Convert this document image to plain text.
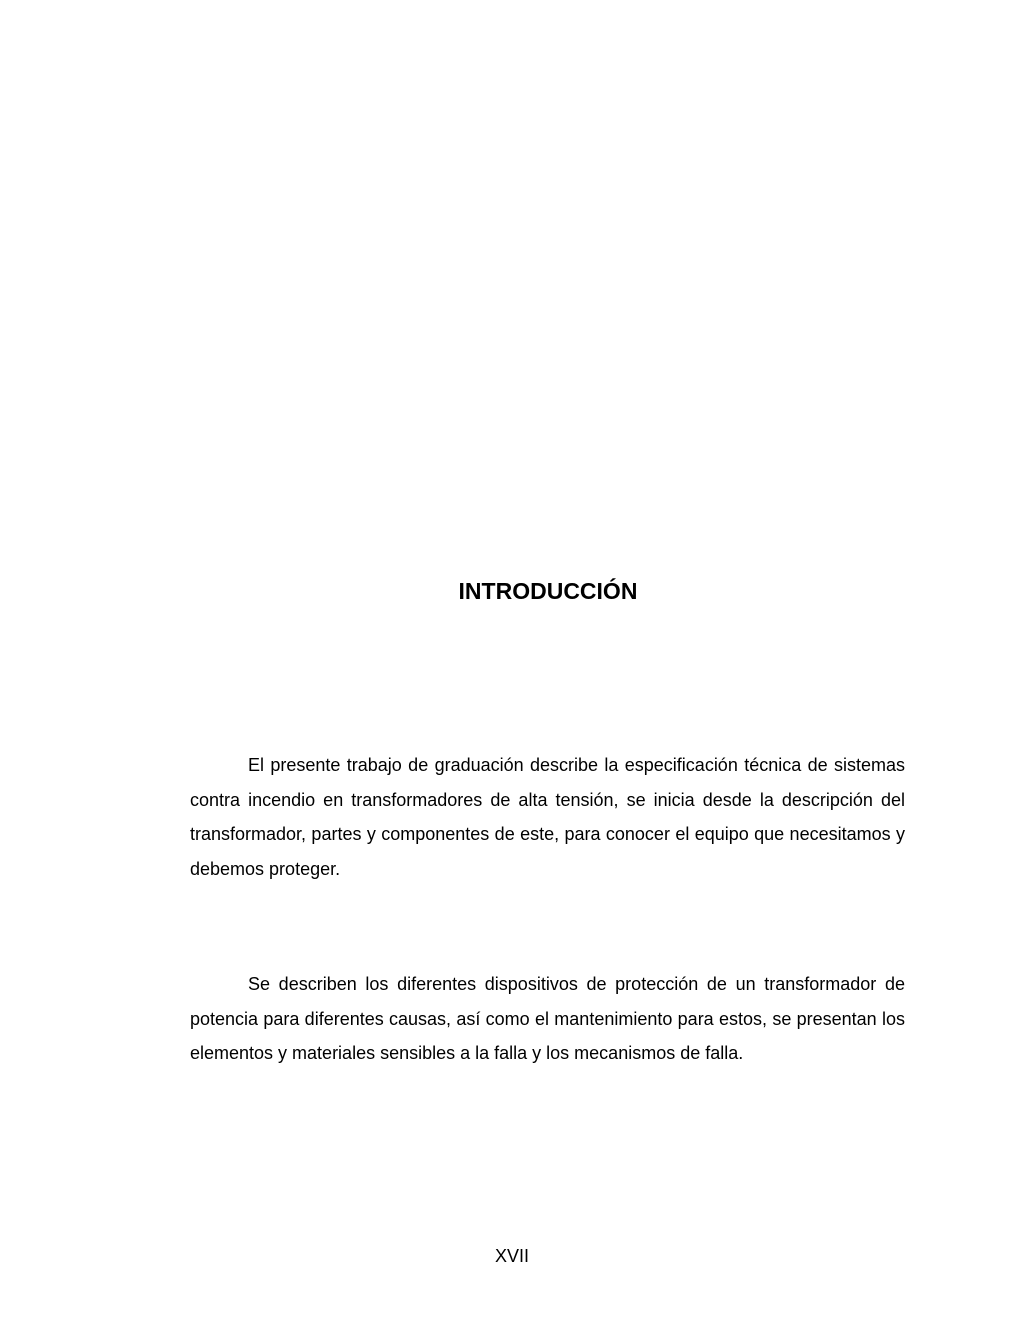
INTRODUCCIÓN

El presente trabajo de graduación describe la especificación técnica de sistemas contra incendio en transformadores de alta tensión, se inicia desde la descripción del transformador, partes y componentes de este, para conocer el equipo que necesitamos y debemos proteger.

Se describen los diferentes dispositivos de protección de un transformador de potencia para diferentes causas, así como el mantenimiento para estos, se presentan los elementos y materiales sensibles a la falla y los mecanismos de falla.

XVII
